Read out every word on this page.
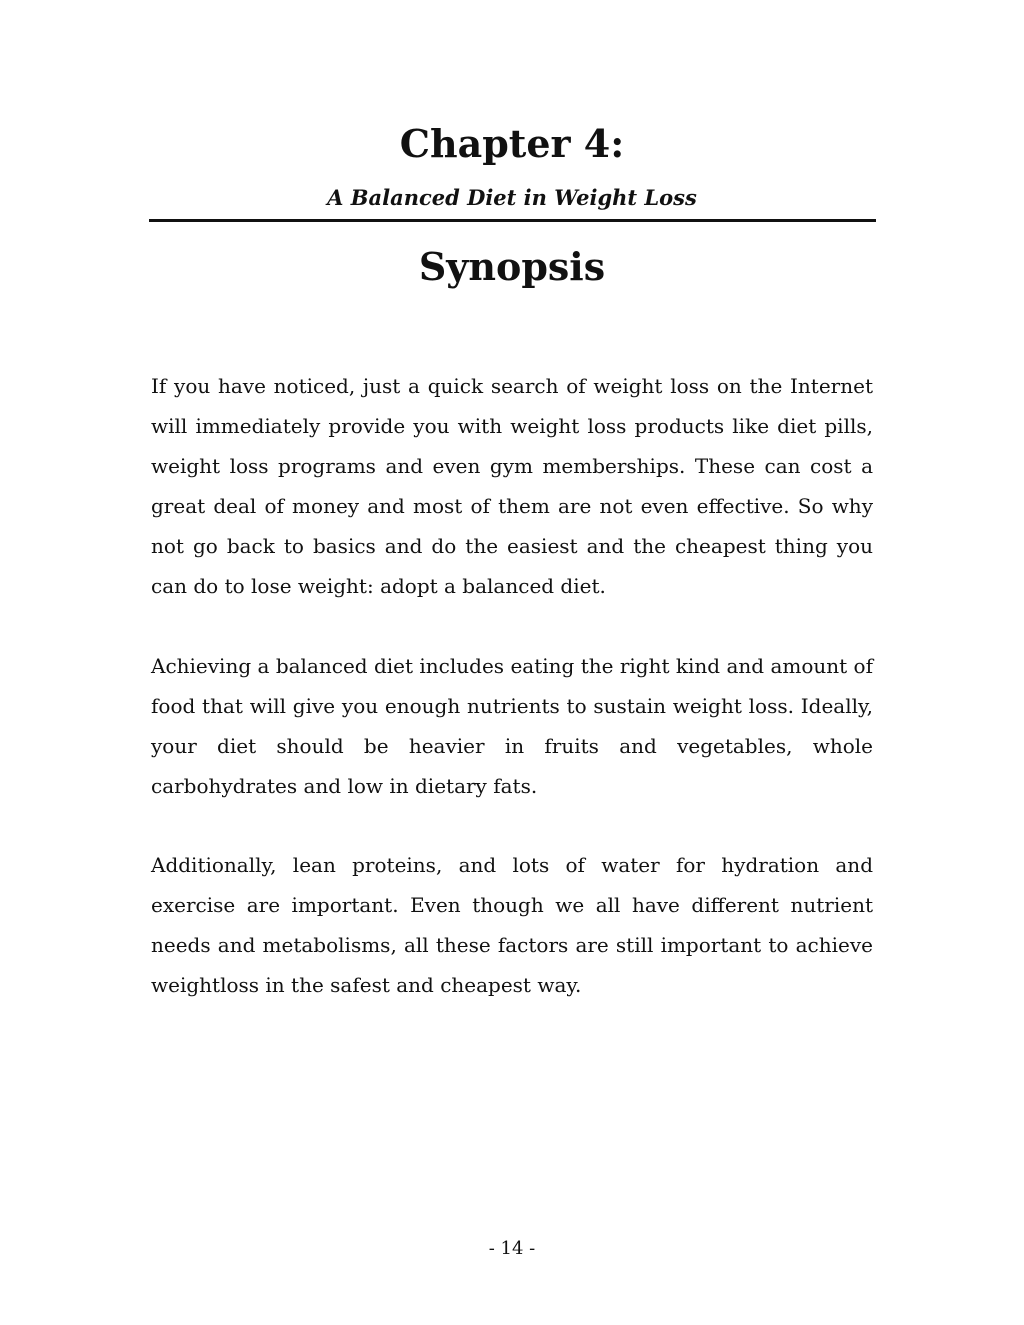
Chapter 4:
A Balanced Diet in Weight Loss
Synopsis

If you have noticed, just a quick search of weight loss on the Internet will immediately provide you with weight loss products like diet pills, weight loss programs and even gym memberships. These can cost a great deal of money and most of them are not even effective. So why not go back to basics and do the easiest and the cheapest thing you can do to lose weight: adopt a balanced diet.

Achieving a balanced diet includes eating the right kind and amount of food that will give you enough nutrients to sustain weight loss. Ideally, your diet should be heavier in fruits and vegetables, whole carbohydrates and low in dietary fats.

Additionally, lean proteins, and lots of water for hydration and exercise are important. Even though we all have different nutrient needs and metabolisms, all these factors are still important to achieve weightloss in the safest and cheapest way.

- 14 -
